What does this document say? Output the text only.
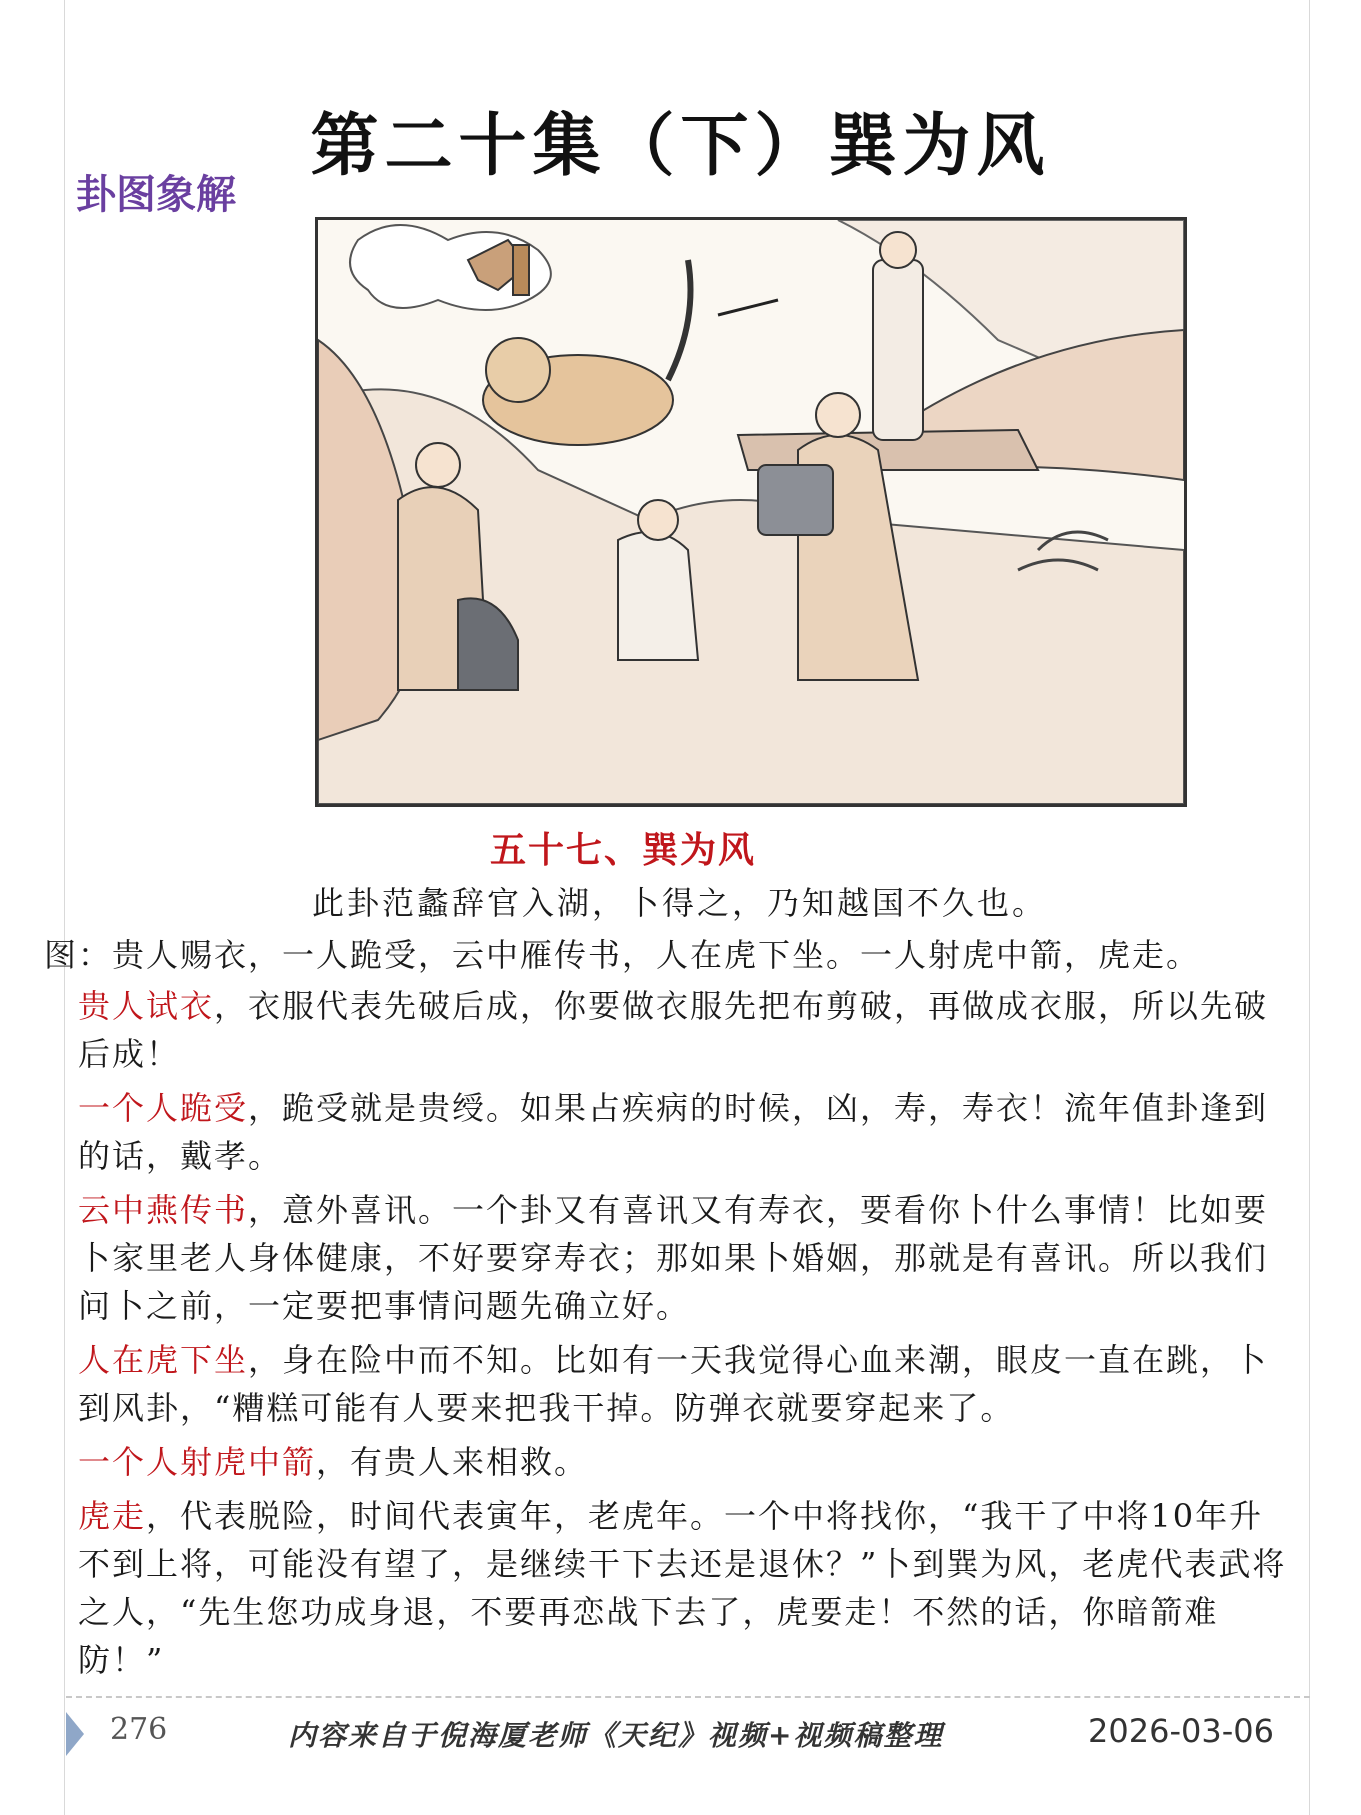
第二十集（下）巽为风
卦图象解
五十七、巽为风
此卦范蠡辞官入湖，卜得之，乃知越国不久也。
图：贵人赐衣，一人跪受，云中雁传书，人在虎下坐。一人射虎中箭，虎走。

贵人试衣，衣服代表先破后成，你要做衣服先把布剪破，再做成衣服，所以先破后成！

一个人跪受，跪受就是贵绶。如果占疾病的时候，凶，寿，寿衣！流年值卦逢到的话，戴孝。

云中燕传书，意外喜讯。一个卦又有喜讯又有寿衣，要看你卜什么事情！比如要卜家里老人身体健康，不好要穿寿衣；那如果卜婚姻，那就是有喜讯。所以我们问卜之前，一定要把事情问题先确立好。

人在虎下坐，身在险中而不知。比如有一天我觉得心血来潮，眼皮一直在跳，卜到风卦，“糟糕可能有人要来把我干掉。防弹衣就要穿起来了。

一个人射虎中箭，有贵人来相救。

虎走，代表脱险，时间代表寅年，老虎年。一个中将找你，“我干了中将10年升不到上将，可能没有望了，是继续干下去还是退休？”卜到巽为风，老虎代表武将之人，“先生您功成身退，不要再恋战下去了，虎要走！不然的话，你暗箭难防！”

276	内容来自于倪海厦老师《天纪》视频+视频稿整理	2026-03-06
